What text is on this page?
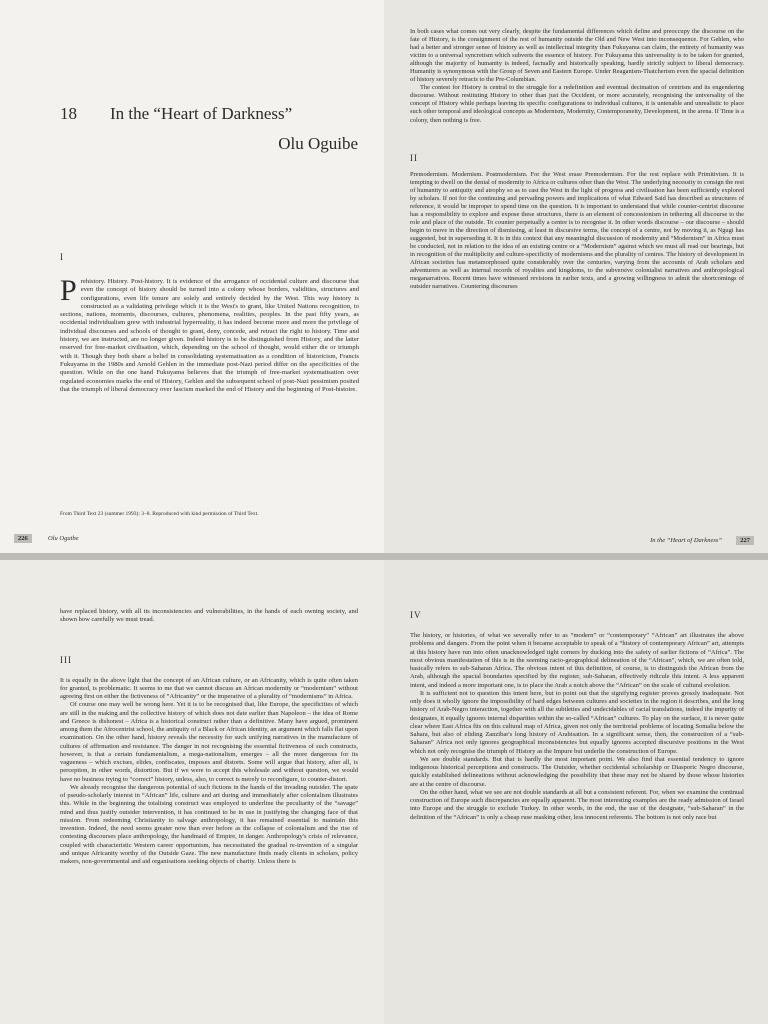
18 In the “Heart of Darkness”
Olu Oguibe
I

Prehistory. History. Post-history. It is evidence of the arrogance of occidental culture and discourse that even the concept of history should be turned into a colony whose borders, validities, structures and configurations, even life tenure are solely and entirely decided by the West. This way history is constructed as a validating privilege which it is the West's to grant, like United Nations recognition, to sections, nations, moments, discourses, cultures, phenomena, realities, peoples. In the past fifty years, as occidental individualism grew with industrial hyperreality, it has indeed become more and more the privilege of individual discourses and schools of thought to grant, deny, concede, and retract the right to history. Time and history, we are instructed, are no longer given. Indeed history is to be distinguished from History, and the latter reserved for free-market civilisation, which, depending on the school of thought, would either die or triumph with it. Though they both share a belief in consolidating systematisation as a condition of historicism, Francis Fukuyama in the 1980s and Arnold Gehlen in the immediate post-Nazi period differ on the specificities of the question. While on the one hand Fukuyama believes that the triumph of free-market systematisation over regulated economies marks the end of History, Gehlen and the subsequent school of post-Nazi pessimism posited that the triumph of liberal democracy over fascism marked the end of History and the beginning of Post-histoire.

From Third Text 23 (summer 1993): 3–8. Reproduced with kind permission of Third Text.

In both cases what comes out very clearly, despite the fundamental differences which define and preoccupy the discourse on the fate of History, is the consignment of the rest of humanity outside the Old and New West into inconsequence. For Gehlen, who had a better and stronger sense of history as well as intellectual integrity than Fukuyama can claim, the entirety of humanity was victim to a universal syncretism which subverts the essence of history. For Fukuyama this universality is to be taken for granted, although the majority of humanity is indeed, factually and historically speaking, hardly strictly subject to liberal democracy. Humanity is synonymous with the Group of Seven and Eastern Europe. Under Reaganism-Thatcherism even the spacial definition of history severely retracts to the Pre-Columbian.

The contest for History is central to the struggle for a redefinition and eventual decimation of centrism and its engendering discourse. Without restituting History to other than just the Occident, or more accurately, recognising the universality of the concept of History while perhaps leaving its specific configurations to individual cultures, it is untenable and unrealistic to place such other temporal and ideological concepts as Modernism, Modernity, Contemporaneity, Development, in the arena. If Time is a colony, then nothing is free.

II

Premodernism. Modernism. Postmodernism. For the West erase Premodernism. For the rest replace with Primitivism. It is tempting to dwell on the denial of modernity to Africa or cultures other than the West. The underlying necessity to consign the rest of humanity to antiquity and atrophy so as to cast the West in the light of progress and civilisation has been sufficiently explored by scholars. If not for the continuing and pervading powers and implications of what Edward Said has described as structures of reference, it would be improper to spend time on the question. It is important to understand that while counter-centrist discourse has a responsibility to explore and expose these structures, there is an element of concessionism in tethering all discourse to the role and place of the outside. To counter perpetually a centre is to recognise it. In other words discourse – our discourse – should begin to move in the direction of dismissing, at least in discursive terms, the concept of a centre, not by moving it, as Ngugi has suggested, but in superseding it. It is in this context that any meaningful discussion of modernity and “Modernism” in Africa must be conducted, not in relation to the idea of an existing centre or a “Modernism” against which we must all read our bearings, but in recognition of the multiplicity and culture-specificity of modernisms and the plurality of centres. The history of development in African societies has metamorphosed quite considerably over the centuries, varying from the accounts of Arab scholars and adventurers as well as internal records of royalties and kingdoms, to the subversive colonialist narratives and anthropological meganarratives. Recent times have witnessed revisions in earlier texts, and a growing willingness to admit the shortcomings of outsider narratives. Countering discourses

226	Olu Oguibe	In the “Heart of Darkness”	227

have replaced history, with all its inconsistencies and vulnerabilities, in the hands of each owning society, and shown how carefully we must tread.

III

It is equally in the above light that the concept of an African culture, or an Africanity, which is quite often taken for granted, is problematic. It seems to me that we cannot discuss an African modernity or “modernism” without agreeing first on either the fictiveness of “Africanity” or the imperative of a plurality of “modernisms” in Africa.

Of course one may well be wrong here. Yet it is to be recognised that, like Europe, the specificities of which are still in the making and the collective history of which does not date earlier than Napoleon – the idea of Rome and Greece is dishonest – Africa is a historical construct rather than a definitive. Many have argued, prominent among them the Afrocentrist school, the antiquity of a Black or African identity, an argument which falls flat upon examination. On the other hand, history reveals the necessity for such unifying narratives in the manufacture of cultures of affirmation and resistance. The danger in not recognising the essential fictiveness of such constructs, however, is that a certain fundamentalism, a mega-nationalism, emerges – all the more dangerous for its vagueness – which excises, elides, confiscates, imposes and distorts. Some will argue that history, after all, is perception, in other words, distortion. But if we were to accept this wholesale and without question, we would have no business trying to “correct” history, unless, also, to correct is merely to reconfigure, to counter-distort.

We already recognise the dangerous potential of such fictions in the hands of the invading outsider. The spate of pseudo-scholarly interest in “African” life, culture and art during and immediately after colonialism illustrates this. While in the beginning the totalising construct was employed to underline the peculiarity of the “savage” mind and thus justify outsider intervention, it has continued to be in use in justifying the changing face of that mission. From redeeming Christianity to salvage anthropology, it has remained essential to maintain this invention. Indeed, the need seems greater now than ever before as the collapse of colonialism and the rise of contesting discourses place anthropology, the handmaid of Empire, in danger. Anthropology's crisis of relevance, coupled with characteristic Western career opportunism, has necessitated the gradual re-invention of a singular and unique Africanity worthy of the Outside Gaze. The new manufacture finds ready clients in scholars, policy makers, non-governmental and aid organisations seeking objects of charity. Unless there is

IV

The history, or histories, of what we severally refer to as “modern” or “contemporary” “African” art illustrates the above problems and dangers. From the point when it became acceptable to speak of a “history of contemporary African” art, attempts at this history have run into often unacknowledged tight corners by ducking into the safety of earlier fictions of “Africa”. The most obvious manifestation of this is in the seeming racio-geographical delineation of the “African”, which, we are often told, basically refers to sub-Saharan Africa. The obvious intent of this definition, of course, is to distinguish the African from the Arab, although the spacial boundaries specified by the register, sub-Saharan, effectively ridicule this intent. A less apparent intent, and indeed a more important one, is to place the Arab a notch above the “African” on the scale of cultural evolution.

It is sufficient not to question this intent here, but to point out that the signifying register proves grossly inadequate. Not only does it wholly ignore the impossibility of hard edges between cultures and societies in the region it describes, and the long history of Arab-Negro interaction, together with all the subtleties and undecidables of racial translations, indeed the impurity of designates, it equally ignores internal disparities within the so-called “African” cultures. To play on the surface, it is never quite clear where East Africa fits on this cultural map of Africa, given not only the territorial problems of locating Somalia below the Sahara, but also of eliding Zanzibar's long history of Arabisation. In a significant sense, then, the construction of a “sub-Saharan” Africa not only ignores geographical inconsistencies but equally ignores accepted discursive positions in the West which not only recognise the triumph of History as the Impure but underlie the construction of Europe.

We see double standards. But that is hardly the most important point. We also find that essential tendency to ignore indigenous historical perceptions and constructs. The Outsider, whether occidental scholarship or Diasporic Negro discourse, quickly established delineations without acknowledging the possibility that these may not be shared by those whose histories are at the centre of discourse.

On the other hand, what we see are not double standards at all but a consistent referent. For, when we examine the continual construction of Europe such discrepancies are equally apparent. The most interesting examples are the ready admission of Israel into Europe and the struggle to exclude Turkey. In other words, in the end, the use of the designate, “sub-Saharan” in the definition of the “African” is only a cheap ruse masking other, less innocent referents. The bottom is not only race but
